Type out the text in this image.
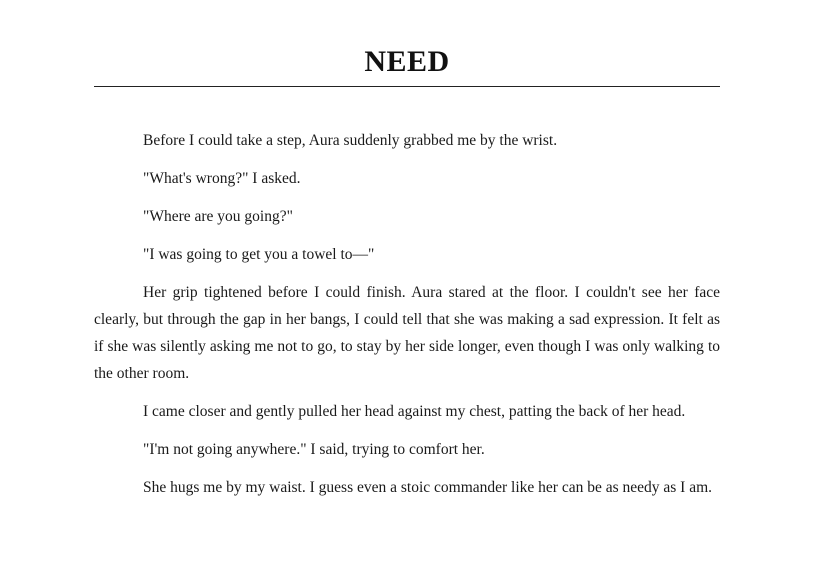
NEED

Before I could take a step, Aura suddenly grabbed me by the wrist.

"What's wrong?" I asked.

"Where are you going?"

"I was going to get you a towel to—"

Her grip tightened before I could finish. Aura stared at the floor. I couldn't see her face clearly, but through the gap in her bangs, I could tell that she was making a sad expression. It felt as if she was silently asking me not to go, to stay by her side longer, even though I was only walking to the other room.

I came closer and gently pulled her head against my chest, patting the back of her head.

"I'm not going anywhere." I said, trying to comfort her.

She hugs me by my waist. I guess even a stoic commander like her can be as needy as I am.
